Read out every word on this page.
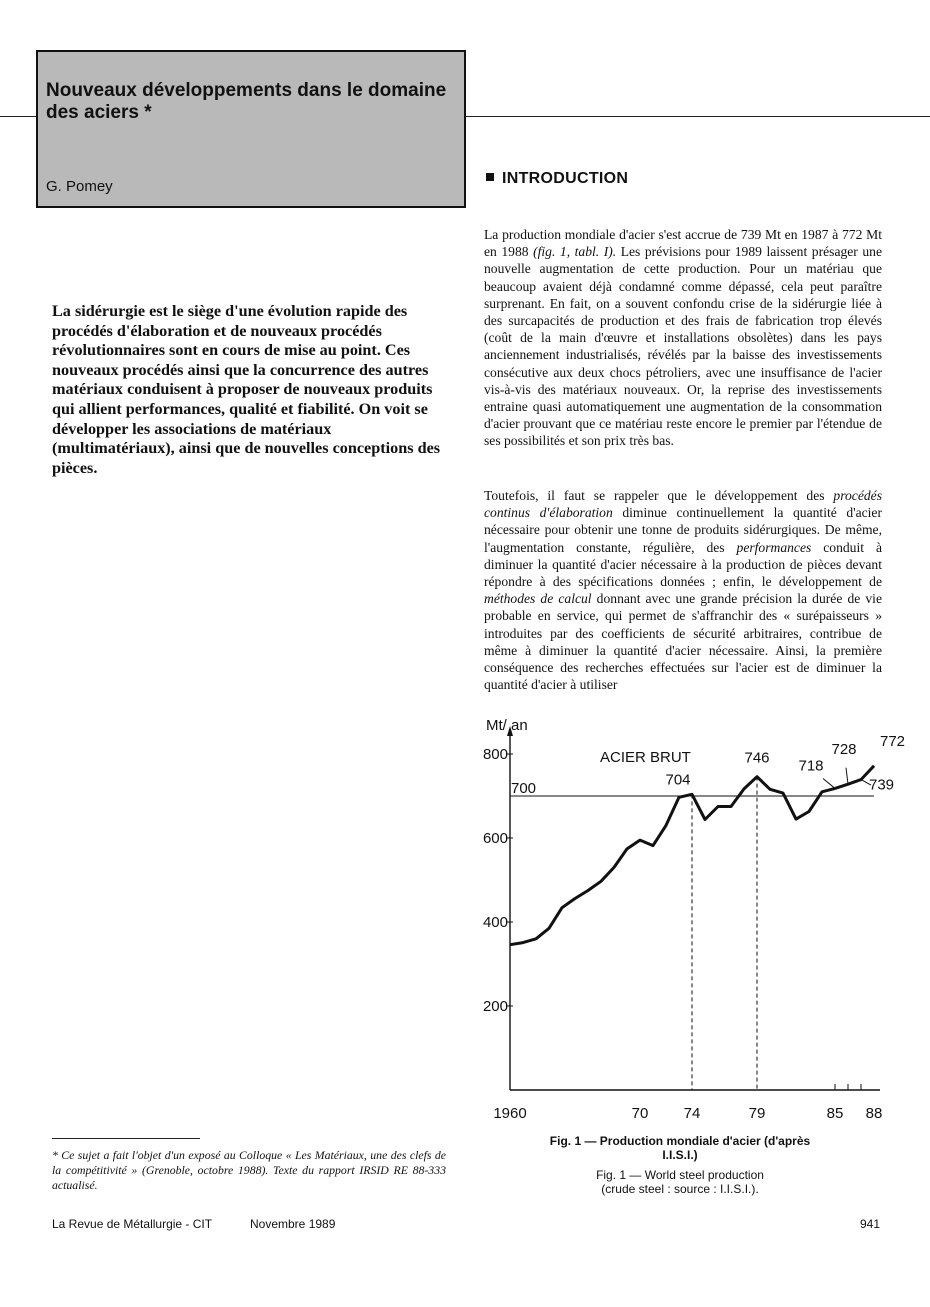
Nouveaux développements dans le domaine des aciers *
G. Pomey	INTRODUCTION
La sidérurgie est le siège d'une évolution rapide des procédés d'élaboration et de nouveaux procédés révolutionnaires sont en cours de mise au point. Ces nouveaux procédés ainsi que la concurrence des autres matériaux conduisent à proposer de nouveaux produits qui allient performances, qualité et fiabilité. On voit se développer les associations de matériaux (multimatériaux), ainsi que de nouvelles conceptions des pièces.
La production mondiale d'acier s'est accrue de 739 Mt en 1987 à 772 Mt en 1988 (fig. 1, tabl. I). Les prévisions pour 1989 laissent présager une nouvelle augmentation de cette production. Pour un matériau que beaucoup avaient déjà condamné comme dépassé, cela peut paraître surprenant. En fait, on a souvent confondu crise de la sidérurgie liée à des surcapacités de production et des frais de fabrication trop élevés (coût de la main d'œuvre et installations obsolètes) dans les pays anciennement industrialisés, révélés par la baisse des investissements consécutive aux deux chocs pétroliers, avec une insuffisance de l'acier vis-à-vis des matériaux nouveaux. Or, la reprise des investissements entraine quasi automatiquement une augmentation de la consommation d'acier prouvant que ce matériau reste encore le premier par l'étendue de ses possibilités et son prix très bas.
Toutefois, il faut se rappeler que le développement des procédés continus d'élaboration diminue continuellement la quantité d'acier nécessaire pour obtenir une tonne de produits sidérurgiques. De même, l'augmentation constante, régulière, des performances conduit à diminuer la quantité d'acier nécessaire à la production de pièces devant répondre à des spécifications données ; enfin, le développement de méthodes de calcul donnant avec une grande précision la durée de vie probable en service, qui permet de s'affranchir des « surépaisseurs » introduites par des coefficients de sécurité arbitraires, contribue de même à diminuer la quantité d'acier nécessaire. Ainsi, la première conséquence des recherches effectuées sur l'acier est de diminuer la quantité d'acier à utiliser
Mt/ an
800
600
400
200
1960	70 74	79	85 88
700
ACIER BRUT
704
746 718
728
739
772
Fig. 1 — Production mondiale d'acier (d'après I.I.S.I.)
Fig. 1 — World steel production
(crude steel : source : I.I.S.I.).
* Ce sujet a fait l'objet d'un exposé au Colloque « Les Matériaux, une des clefs de la compétitivité » (Grenoble, octobre 1988). Texte du rapport IRSID RE 88-333 actualisé.
La Revue de Métallurgie - CIT	Novembre 1989	941
